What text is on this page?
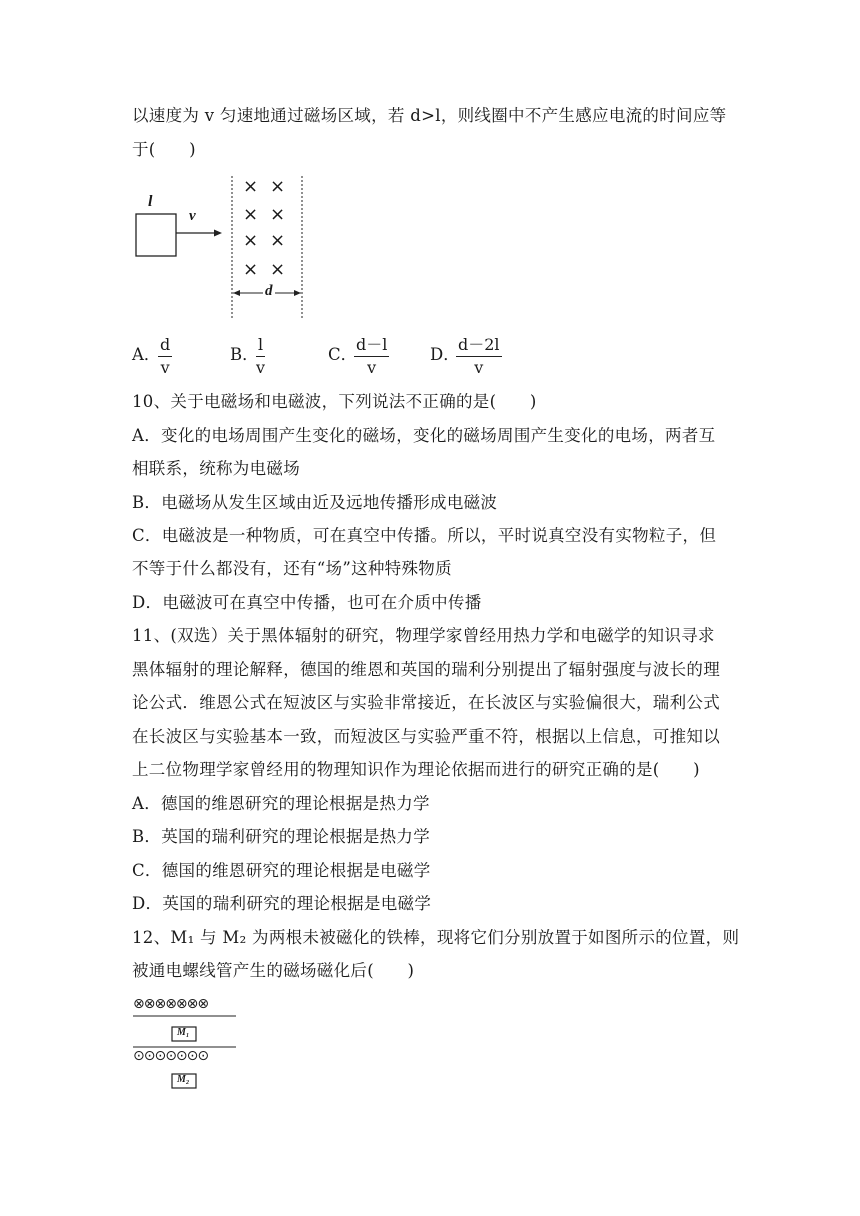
以速度为 v 匀速地通过磁场区域，若 d>l，则线圈中不产生感应电流的时间应等
于(　　)
l
v
d
× ×
× ×
× ×
× ×
A．
d
v
B．
l
v
C．
d－l
v
D．
d－2l
v
10、关于电磁场和电磁波，下列说法不正确的是(　　)
A．变化的电场周围产生变化的磁场，变化的磁场周围产生变化的电场，两者互
相联系，统称为电磁场
B．电磁场从发生区域由近及远地传播形成电磁波
C．电磁波是一种物质，可在真空中传播。所以，平时说真空没有实物粒子，但
不等于什么都没有，还有“场”这种特殊物质
D．电磁波可在真空中传播，也可在介质中传播
11、(双选）关于黑体辐射的研究，物理学家曾经用热力学和电磁学的知识寻求
黑体辐射的理论解释，德国的维恩和英国的瑞利分别提出了辐射强度与波长的理
论公式．维恩公式在短波区与实验非常接近，在长波区与实验偏很大，瑞利公式
在长波区与实验基本一致，而短波区与实验严重不符，根据以上信息，可推知以
上二位物理学家曾经用的物理知识作为理论依据而进行的研究正确的是(　　)
A．德国的维恩研究的理论根据是热力学
B．英国的瑞利研究的理论根据是热力学
C．德国的维恩研究的理论根据是电磁学
D．英国的瑞利研究的理论根据是电磁学
12、M₁ 与 M₂ 为两根未被磁化的铁棒，现将它们分别放置于如图所示的位置，则
被通电螺线管产生的磁场磁化后(　　)
⊗⊗⊗⊗⊗⊗⊗
M₁
⊙⊙⊙⊙⊙⊙⊙
M₂
